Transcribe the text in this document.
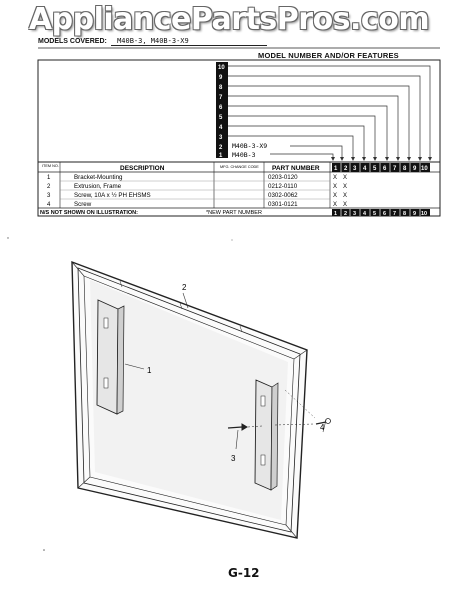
AppliancePartsPros.com
MODELS COVERED: M40B-3, M40B-3-X9
MODEL NUMBER AND/OR FEATURES
10
9
8
7
6
5
4
3
2
1
M40B-3-X9
M40B-3
ITEM NO.	DESCRIPTION	MFG. CHANGE CODE PART NUMBER 1 2 3 4 5 6 7 8 9 10
1	Bracket-Mounting	0203-0120	X X
2	Extrusion, Frame	0212-0110	X X
3	Screw, 10A x ½ PH EHSMS	0302-0062	X X
4	Screw	0301-0121	X X
N/S NOT SHOWN ON ILLUSTRATION:	*NEW PART NUMBER	1 2 3 4 5 6 7 8 9 10
1
2
3
4
G-12
